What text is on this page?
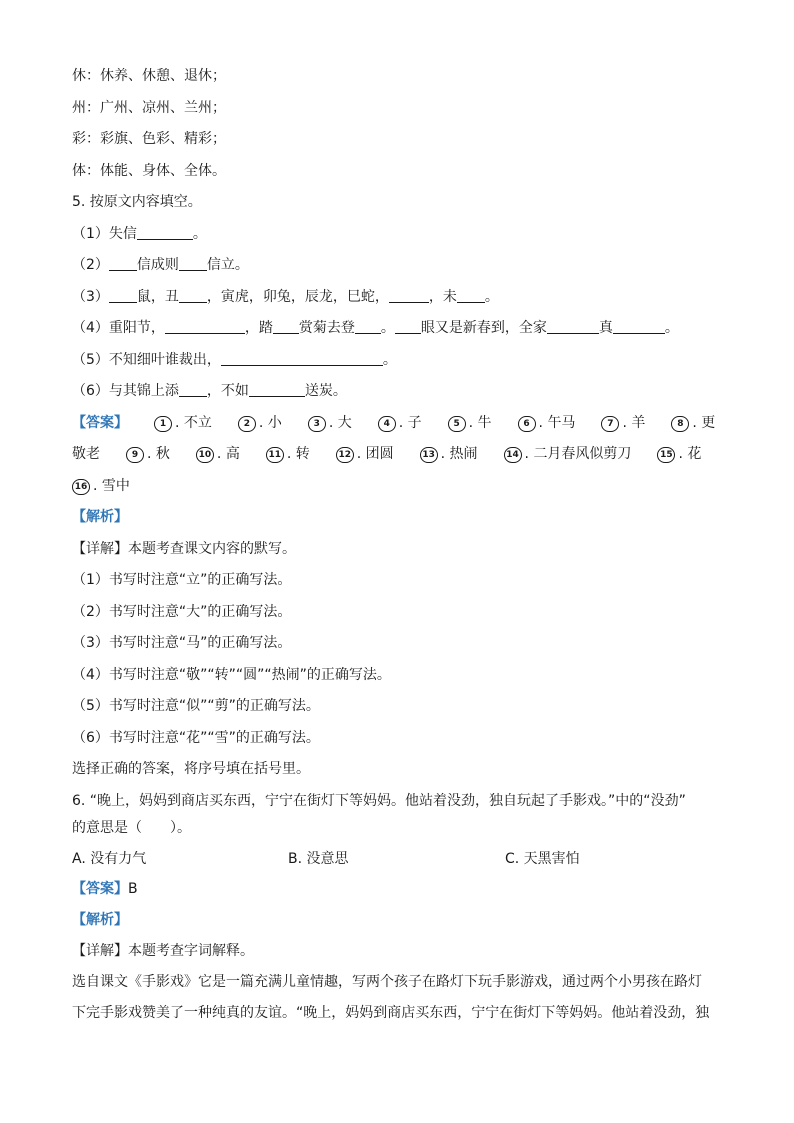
休：休养、休憩、退休；
州：广州、凉州、兰州；
彩：彩旗、色彩、精彩；
体：体能、身体、全体。
5. 按原文内容填空。
（1）失信	。
（2） 信成则 信立。
（3） 鼠，丑 ，寅虎，卯兔，辰龙，巳蛇，	，未 。
（4）重阳节，	，踏 赏菊去登 。 眼又是新春到，全家	真	。
（5）不知细叶谁裁出，	。
（6）与其锦上添 ，不如	送炭。
【答案】	1 . 不立	2 . 小	3 . 大	4 . 子	5 . 牛	6 . 午马	7 . 羊	8 . 更
敬老	9 . 秋	10 . 高	11 . 转	12 . 团圆	13 . 热闹	14 . 二月春风似剪刀	15 . 花
16 . 雪中
【解析】
【详解】本题考查课文内容的默写。
（1）书写时注意“立”的正确写法。
（2）书写时注意“大”的正确写法。
（3）书写时注意“马”的正确写法。
（4）书写时注意“敬”“转”“圆”“热闹”的正确写法。
（5）书写时注意“似”“剪”的正确写法。
（6）书写时注意“花”“雪”的正确写法。
选择正确的答案，将序号填在括号里。
6. “晚上，妈妈到商店买东西，宁宁在街灯下等妈妈。他站着没劲，独自玩起了手影戏。”中的“没劲”
的意思是（　　）。
A. 没有力气	B. 没意思	C. 天黑害怕
【答案】B
【解析】
【详解】本题考查字词解释。
选自课文《手影戏》它是一篇充满儿童情趣，写两个孩子在路灯下玩手影游戏，通过两个小男孩在路灯
下完手影戏赞美了一种纯真的友谊。“晚上，妈妈到商店买东西，宁宁在街灯下等妈妈。他站着没劲，独
